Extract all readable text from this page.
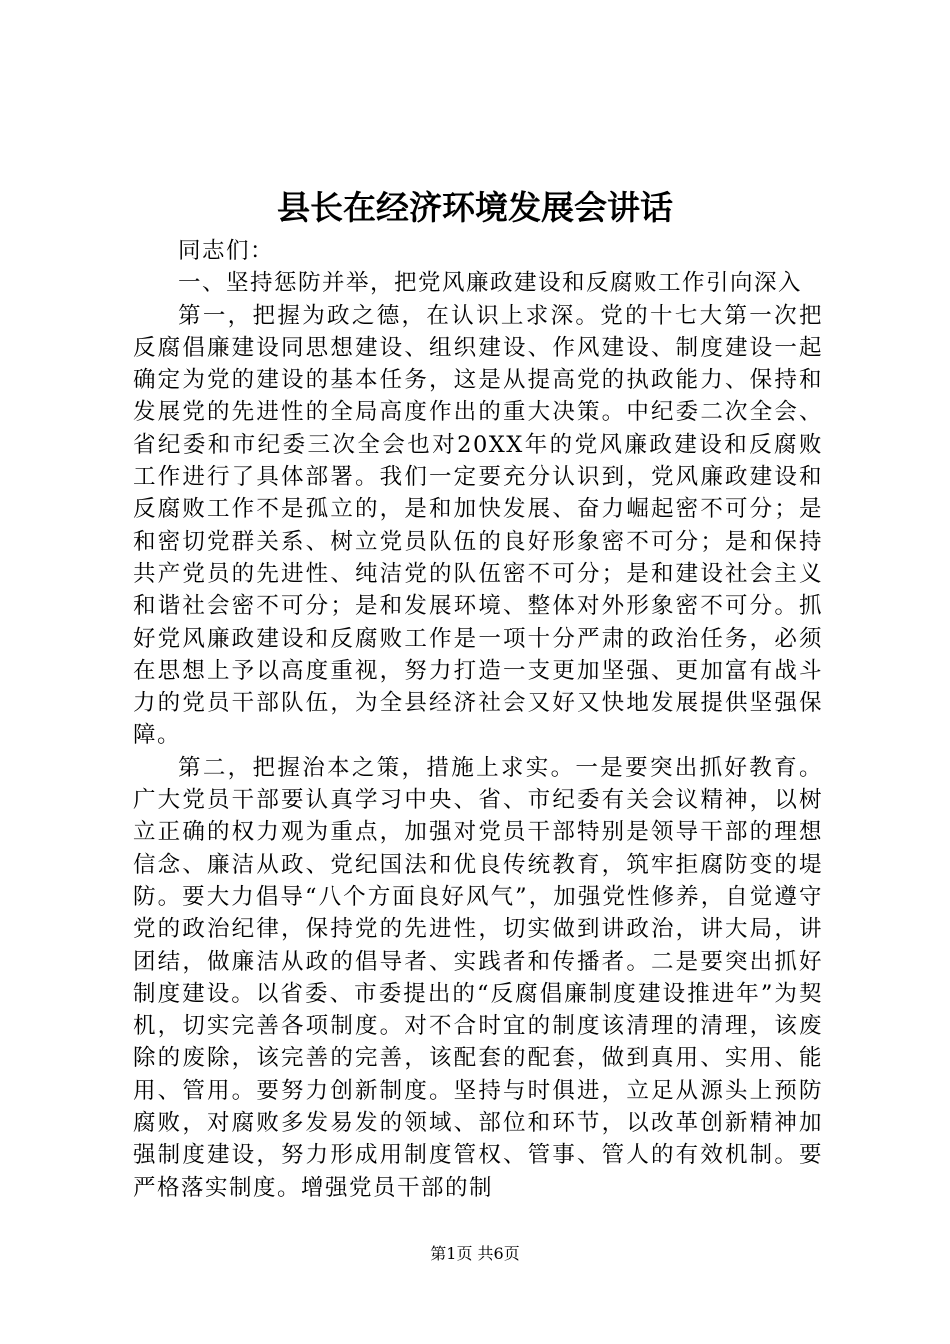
县长在经济环境发展会讲话

同志们：

一、坚持惩防并举，把党风廉政建设和反腐败工作引向深入

第一，把握为政之德，在认识上求深。党的十七大第一次把反腐倡廉建设同思想建设、组织建设、作风建设、制度建设一起确定为党的建设的基本任务，这是从提高党的执政能力、保持和发展党的先进性的全局高度作出的重大决策。中纪委二次全会、省纪委和市纪委三次全会也对20XX年的党风廉政建设和反腐败工作进行了具体部署。我们一定要充分认识到，党风廉政建设和反腐败工作不是孤立的，是和加快发展、奋力崛起密不可分；是和密切党群关系、树立党员队伍的良好形象密不可分；是和保持共产党员的先进性、纯洁党的队伍密不可分；是和建设社会主义和谐社会密不可分；是和发展环境、整体对外形象密不可分。抓好党风廉政建设和反腐败工作是一项十分严肃的政治任务，必须在思想上予以高度重视，努力打造一支更加坚强、更加富有战斗力的党员干部队伍，为全县经济社会又好又快地发展提供坚强保障。

第二，把握治本之策，措施上求实。一是要突出抓好教育。广大党员干部要认真学习中央、省、市纪委有关会议精神，以树立正确的权力观为重点，加强对党员干部特别是领导干部的理想信念、廉洁从政、党纪国法和优良传统教育，筑牢拒腐防变的堤防。要大力倡导“八个方面良好风气”，加强党性修养，自觉遵守党的政治纪律，保持党的先进性，切实做到讲政治，讲大局，讲团结，做廉洁从政的倡导者、实践者和传播者。二是要突出抓好制度建设。以省委、市委提出的“反腐倡廉制度建设推进年”为契机，切实完善各项制度。对不合时宜的制度该清理的清理，该废除的废除，该完善的完善，该配套的配套，做到真用、实用、能用、管用。要努力创新制度。坚持与时俱进，立足从源头上预防腐败，对腐败多发易发的领域、部位和环节，以改革创新精神加强制度建设，努力形成用制度管权、管事、管人的有效机制。要严格落实制度。增强党员干部的制

第1页 共6页
